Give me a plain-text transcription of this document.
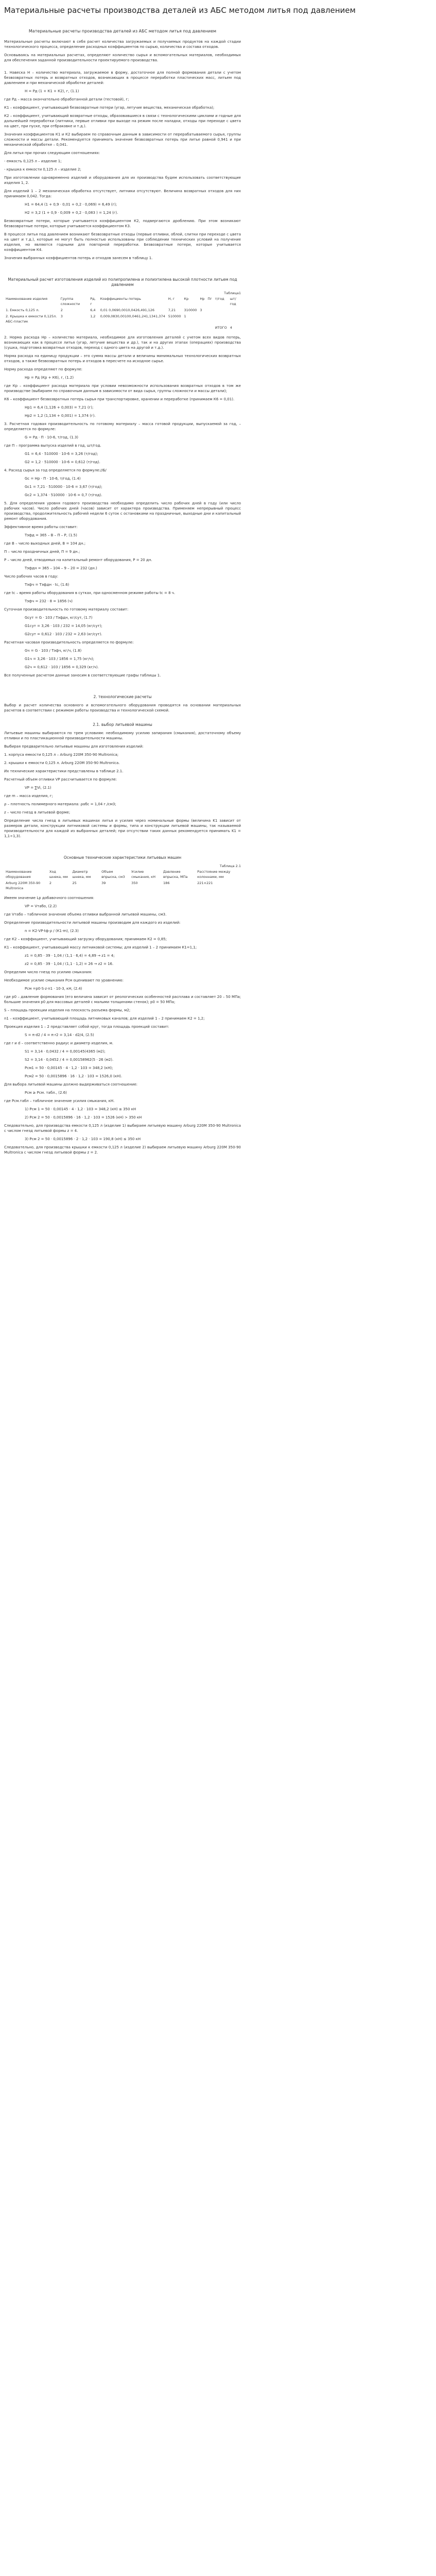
Материальные расчеты производства деталей из АБС методом литья под давлением
Материальные расчеты производства деталей из АБС методом литья под давлением

Материальные расчеты включают в себя расчет количества загружаемых и получаемых продуктов на каждой стадии технологического процесса, определение расходных коэффициентов по сырью, количества и состава отходов.

Основываясь на материальных расчетах, определяют количество сырья и вспомогательных материалов, необходимых для обеспечения заданной производительности проектируемого производства.

1. Навеска Н – количество материала, загружаемое в форму, достаточное для полной формования детали с учетом безвозвратных потерь и возвратных отходов, возникающих в процессе переработки пластических масс, литьем под давлением и при механической обработке деталей:

Н = Pд (1 + К1 + К2), г, (1.1)

где Pд – масса окончательно обработанной детали (тестовой), г;

К1 – коэффициент, учитывающий безвозвратные потери (угар, летучие вещества, механическая обработка);

К2 – коэффициент, учитывающий возвратные отходы, образовавшиеся в связи с технологическими циклами и годные для дальнейшей переработки (литники, первые отливки при выходе на режим после наладки, отходы при переходе с цвета на цвет, при пуске, при отбраковке и т.д.).

Значения коэффициентов К1 и К2 выбираем по справочным данным в зависимости от перерабатываемого сырья, группы сложности и массы детали. Рекомендуется принимать значение безвозвратных потерь при литье равной 0,941 и при механической обработке – 0,041.

Для литья при прочих следующим соотношениях:

- емкость 0,125 л – изделие 1;

- крышка к емкости 0,125 л – изделие 2;

При изготовлении одновременно изделий и оборудования для их производства будем использовать соответствующие изделия 1, 2.

Для изделий 1 – 2 механическая обработка отсутствует, литники отсутствуют. Величина возвратных отходов для них принимаем 0,042. Тогда:

Н1 = 64,4 (1 + 0,9 · 0,01 + 0,2 · 0,069) = 6,49 (г);

Н2 = 3,2 (1 + 0,9 · 0,009 + 0,2 · 0,083 ) = 1,24 (г).

Безвозвратные потери, которые учитывается коэффициентом К2, подвергаются дроблению. При этом возникают безвозвратные потери, которые учитывается коэффициентом К3.

В процессе литья под давлением возникают безвозвратные отходы (первые отливки, облой, слитки при переходе с цвета на цвет и т.д.), которые не могут быть полностью использованы при соблюдении технических условий на получение изделия, но являются годными для повторной переработки. Безвозвратные потери, которые учитывается коэффициентом К4.

Значения выбранных коэффициентов потерь и отходов занесем в таблицу 1.

Материальный расчет изготовления изделий из полипропилена и полиэтилена высокой плотности литьем под давлением
Таблица1
Наименование изделия	Группа сложности	Рд, г	Коэффициенты потерь	Н, г	Кр	Нр	Пг	т/год	шт/год
1. Емкость 0,125 л.	2	6,4	0,01 0,0690,0010,0426,491,126	7,21	310000	3			
2. Крышка к емкости 0,125л. АБС-пластик	3	1,2	0,009,0830,00100,0461,241,1341,374	510000	1				
								ИТОГО	4

2. Норма расхода Нр – количество материала, необходимое для изготовления деталей с учетом всех видов потерь, возникающих как в процессе литья (угар, летучие вещества и др.), так и на других этапах (операциях) производства (сушка, подготовка возвратных отходов, переход с одного цвета на другой и т.д.).

Норма расхода на единицу продукции – это сумма массы детали и величины минимальных технологических возвратных отходов, а также безвозвратных потерь и отходов в пересчете на исходное сырье.

Норму расхода определяют по формуле:

Нр = Рд (Кр + К6), г, (1.2)

где Кр – коэффициент расхода материала при условии невозможности использования возвратных отходов в том же производстве (выбираем по справочным данным в зависимости от вида сырья, группы сложности и массы детали);

К6 – коэффициент безвозвратных потерь сырья при транспортировке, хранении и переработке (принимаем К6 = 0,01).

Нр1 = 6,4 (1,126 + 0,003) = 7,21 (г);

Нр2 = 1,2 (1,134 + 0,001) = 1,374 (г).

3. Расчетная годовая производительность по готовому материалу – масса готовой продукции, выпускаемой за год, – определяется по формуле:

G = Рд · П · 10-6, т/год, (1.3)

где П – программа выпуска изделий в год, шт/год.

G1 = 6,4 · 510000 · 10-6 = 3,26 (т/год);

G2 = 1,2 · 510000 · 10-6 = 0,612 (т/год).

4. Расход сырья за год определяется по формуле://Б/

Gc = Нр · П · 10-6, т/год, (1.4)

Gc1 = 7,21 · 510000 · 10-6 = 3,67 (т/год);

Gc2 = 1,374 · 510000 · 10-6 = 0,7 (т/год).

5. Для определения уровня годового производства необходимо определить число рабочих дней в году (или число рабочих часов). Число рабочих дней (часов) зависит от характера производства. Применяем непрерывный процесс производства, продолжительность рабочей недели 6 суток с остановками на праздничные, выходные дни и капитальный ремонт оборудования.

Эффективное время работы составит:

Тэфд = 365 – В – П – Р, (1.5)

где В – число выходных дней, В = 104 дн.;

П – число праздничных дней, П = 9 дн.;

Р – число дней, отводимых на капитальный ремонт оборудования, Р = 20 дн.

Тэфдн = 365 – 104 – 9 – 20 = 232 (дн.)

Число рабочих часов в году:

Тэфч = Тэфдн · tc, (1.6)

где tc – время работы оборудования в сутках, при односменном режиме работы tc = 8 ч.

Тэфч = 232 · 8 = 1856 (ч)

Суточная производительность по готовому материалу составит:

Gсут = G · 103 / Тэфдн, кг/сут, (1.7)

G1сут = 3,26 · 103 / 232 = 14,05 (кг/сут);

G2сут = 0,612 · 103 / 232 = 2,63 (кг/сут).

Расчетная часовая производительность определяется по формуле:

Gч = G · 103 / Тэфч, кг/ч, (1.8)

G1ч = 3,26 · 103 / 1856 = 1,75 (кг/ч);

G2ч = 0,612 · 103 / 1856 = 0,329 (кг/ч).

Все полученные расчетом данные заносим в соответствующие графы таблицы 1.

2. технологические расчеты

Выбор и расчет количества основного и вспомогательного оборудования проводятся на основании материальных расчетов в соответствии с режимом работы производства и технологической схемой.

2.1. выбор литьевой машины

Литьевые машины выбираются по трем условиям: необходимому усилию запирания (смыкания), достаточному объему отливки и по пластикационной производительности машины.

Выбирая предварительно литьевые машины для изготовления изделий:

1. корпуса емкости 0,125 л – Arburg 220M 350-90 Multronica;

2. крышки к емкости 0,125 л. Arburg 220M 350-90 Multronica.

Их технические характеристики представлены в таблице 2.1.

Расчетный объем отливки VР рассчитывается по формуле:

VР = ∑Vi, (2.1)

где m – масса изделия, г;

ρ – плотность полимерного материала: ρабс = 1,04 г./см3;

z – число гнезд в литьевой форме;

Определение числа гнезд в литьевых машинах литья и усилия через номинальные формы (величина K1 зависит от размеров детали, конструкции литниковой системы и формы, типа и конструкции литьевой машины, так называемой производительности для каждой из выбранных деталей; при отсутствии таких данных рекомендуется принимать K1 = 1,1÷1,3).

Основные технические характеристики литьевых машин
Таблица 2.1
Наименование оборудования	Ход шнека, мм	Диаметр шнека, мм	Объем впрыска, см3	Усилие смыкания, кН	Давление впрыска, МПа	Расстояние между колоннами, мм
Arburg 220M 350-90 Multronica	2	25	39	350	186	221×221

Имеем значение Lр добавочного соотношения:

VР = Vтабо, (2.2)

где Vтабо – табличное значение объема отливки выбранной литьевой машины, см3.

Определение производительности литьевой машины производим для каждого из изделий:

n = К2·VР·tф·ρ / (К1·m), (2.3)

где К2 – коэффициент, учитывающий загрузку оборудования; принимаем К2 = 0,85;

К1 – коэффициент, учитывающий массу литниковой системы; для изделий 1 – 2 принимаем К1=1,1;

z1 = 0,85 · 39 · 1,04 / (1,1 · 6,4) = 4,89 → z1 = 4;

z2 = 0,85 · 39 · 1,04 / (1,1 · 1,2) = 26 → z2 = 16.

Определим число гнезд по усилию смыкания:

Необходимое усилие смыкания Рсм оценивают по уравнению:

Рсм =р0·S·z·n1 · 10-3, кН, (2.4)

где р0 – давление формования (его величина зависит от реологических особенностей расплава и составляет 20 – 50 МПа; большие значения р0 для массовых деталей с малыми толщинами стенок); р0 = 50 МПа;

S – площадь проекции изделия на плоскость разъема формы, м2;

n1 – коэффициент, учитывающий площадь литниковых каналов; для изделий 1 – 2 принимаем К2 = 1,2;

Проекция изделия 1 – 2 представляет собой круг, тогда площадь проекций составит:

S = π·d2 / 4 = π·r2 = 3,14 · d2/4, (2.5)

где r и d – соответственно радиус и диаметр изделия, м.

S1 = 3,14 · 0,0432 / 4 = 0,00145(4365 (м2);

S2 = 3,14 · 0,0452 / 4 = 0,00158962(5 · 26 (м2).

Рсм1 = 50 · 0,00145 · 4 · 1,2 · 103 = 348,2 (кН);

Рсм2 = 50 · 0,0015896 · 16 · 1,2 · 103 = 1526,0 (кН).

Для выбора литьевой машины должно выдерживаться соотношение:

Рсм ≥ Рсм. табл., (2.6)

где Рсм.табл – табличное значение усилия смыкания, кН.

1) Рсм 1 = 50 · 0,00145 · 4 · 1,2 · 103 = 348,2 (кН) ≤ 350 кН

2) Рсм 2 = 50 · 0,0015896 · 16 · 1,2 · 103 = 1526 (кН) > 350 кН

Следовательно, для производства емкости 0,125 л (изделие 1) выбираем литьевую машину Arburg 220M 350-90 Multronica с числом гнезд литьевой формы z = 4.

3) Рсм 2 = 50 · 0,0015896 · 2 · 1,2 · 103 = 190,8 (кН) ≤ 350 кН

Следовательно, для производства крышки к емкости 0,125 л (изделие 2) выбираем литьевую машину Arburg 220M 350-90 Multronica с числом гнезд литьевой формы z = 2.
